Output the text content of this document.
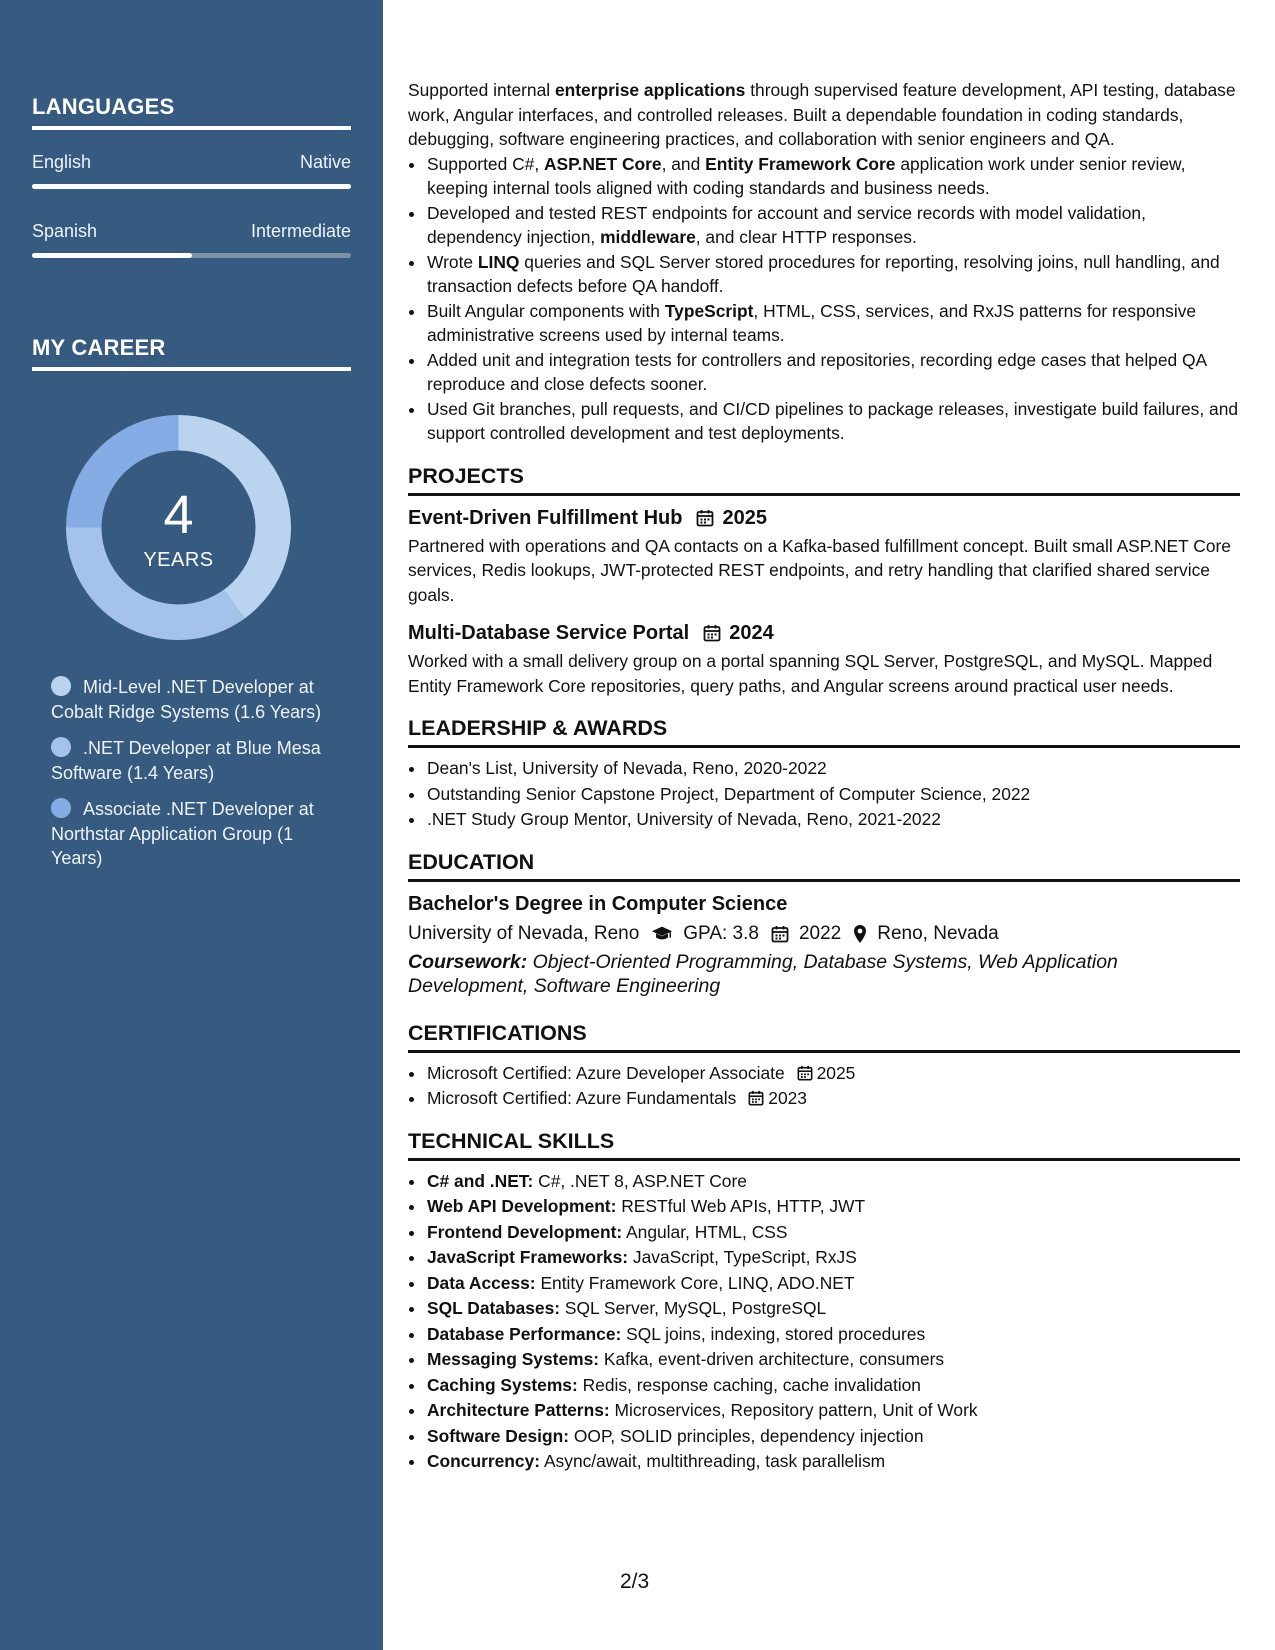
LANGUAGES
English	Native
Spanish	Intermediate
MY CAREER
4
YEARS
Mid-Level .NET Developer at Cobalt Ridge Systems (1.6 Years)
.NET Developer at Blue Mesa Software (1.4 Years)
Associate .NET Developer at Northstar Application Group (1 Years)

Supported internal enterprise applications through supervised feature development, API testing, database work, Angular interfaces, and controlled releases. Built a dependable foundation in coding standards, debugging, software engineering practices, and collaboration with senior engineers and QA.

• Supported C#, ASP.NET Core, and Entity Framework Core application work under senior review, keeping internal tools aligned with coding standards and business needs.
• Developed and tested REST endpoints for account and service records with model validation, dependency injection, middleware, and clear HTTP responses.
• Wrote LINQ queries and SQL Server stored procedures for reporting, resolving joins, null handling, and transaction defects before QA handoff.
• Built Angular components with TypeScript, HTML, CSS, services, and RxJS patterns for responsive administrative screens used by internal teams.
• Added unit and integration tests for controllers and repositories, recording edge cases that helped QA reproduce and close defects sooner.
• Used Git branches, pull requests, and CI/CD pipelines to package releases, investigate build failures, and support controlled development and test deployments.
PROJECTS
Event-Driven Fulfillment Hub 2025

Partnered with operations and QA contacts on a Kafka-based fulfillment concept. Built small ASP.NET Core services, Redis lookups, JWT-protected REST endpoints, and retry handling that clarified shared service goals.

Multi-Database Service Portal 2024

Worked with a small delivery group on a portal spanning SQL Server, PostgreSQL, and MySQL. Mapped Entity Framework Core repositories, query paths, and Angular screens around practical user needs.

LEADERSHIP & AWARDS
• Dean's List, University of Nevada, Reno, 2020-2022
• Outstanding Senior Capstone Project, Department of Computer Science, 2022
• .NET Study Group Mentor, University of Nevada, Reno, 2021-2022
EDUCATION
Bachelor's Degree in Computer Science
University of Nevada, Reno GPA: 3.8 2022 Reno, Nevada
Coursework: Object-Oriented Programming, Database Systems, Web Application Development, Software Engineering
CERTIFICATIONS
• Microsoft Certified: Azure Developer Associate 2025
• Microsoft Certified: Azure Fundamentals 2023
TECHNICAL SKILLS
• C# and .NET: C#, .NET 8, ASP.NET Core
• Web API Development: RESTful Web APIs, HTTP, JWT
• Frontend Development: Angular, HTML, CSS
• JavaScript Frameworks: JavaScript, TypeScript, RxJS
• Data Access: Entity Framework Core, LINQ, ADO.NET
• SQL Databases: SQL Server, MySQL, PostgreSQL
• Database Performance: SQL joins, indexing, stored procedures
• Messaging Systems: Kafka, event-driven architecture, consumers
• Caching Systems: Redis, response caching, cache invalidation
• Architecture Patterns: Microservices, Repository pattern, Unit of Work
• Software Design: OOP, SOLID principles, dependency injection
• Concurrency: Async/await, multithreading, task parallelism
2/3
